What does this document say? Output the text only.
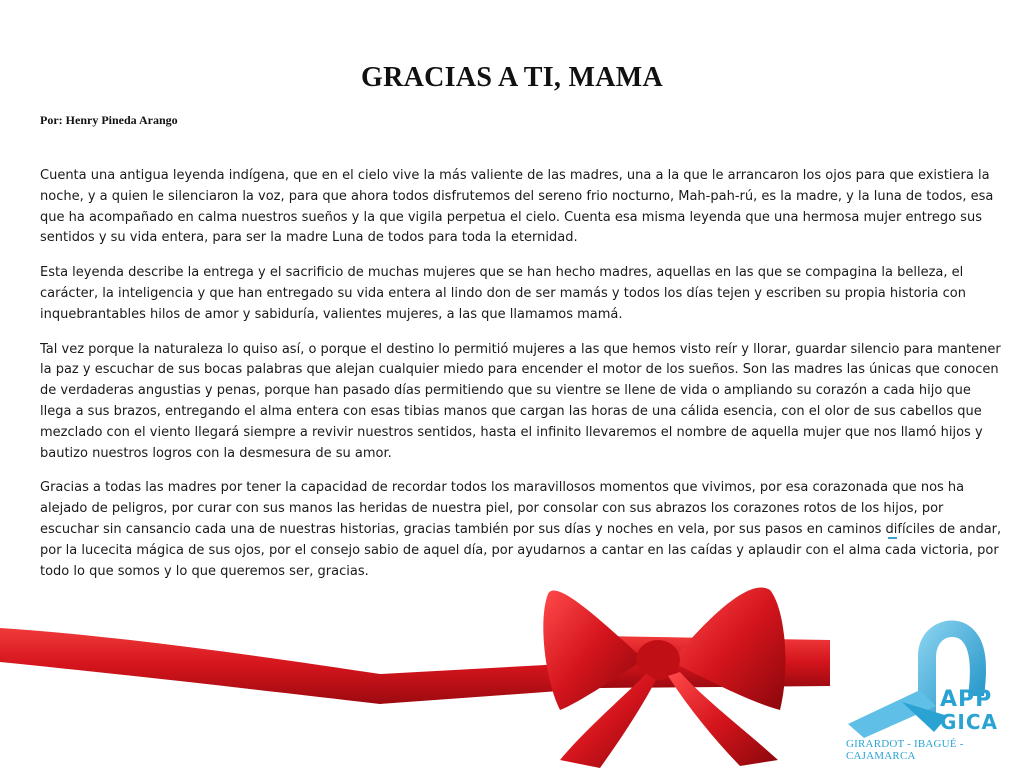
GRACIAS A TI, MAMA
Por: Henry Pineda Arango

Cuenta una antigua leyenda indígena, que en el cielo vive la más valiente de las madres, una a la que le arrancaron los ojos para que existiera la noche, y a quien le silenciaron la voz, para que ahora todos disfrutemos del sereno frio nocturno, Mah-pah-rú, es la madre, y la luna de todos, esa que ha acompañado en calma nuestros sueños y la que vigila perpetua el cielo. Cuenta esa misma leyenda que una hermosa mujer entrego sus sentidos y su vida entera, para ser la madre Luna de todos para toda la eternidad.

Esta leyenda describe la entrega y el sacrificio de muchas mujeres que se han hecho madres, aquellas en las que se compagina la belleza, el carácter, la inteligencia y que han entregado su vida entera al lindo don de ser mamás y todos los días tejen y escriben su propia historia con inquebrantables hilos de amor y sabiduría, valientes mujeres, a las que llamamos mamá.

Tal vez porque la naturaleza lo quiso así, o porque el destino lo permitió mujeres a las que hemos visto reír y llorar, guardar silencio para mantener la paz y escuchar de sus bocas palabras que alejan cualquier miedo para encender el motor de los sueños. Son las madres las únicas que conocen de verdaderas angustias y penas, porque han pasado días permitiendo que su vientre se llene de vida o ampliando su corazón a cada hijo que llega a sus brazos, entregando el alma entera con esas tibias manos que cargan las horas de una cálida esencia, con el olor de sus cabellos que mezclado con el viento llegará siempre a revivir nuestros sentidos, hasta el infinito llevaremos el nombre de aquella mujer que nos llamó hijos y bautizo nuestros logros con la desmesura de su amor.

Gracias a todas las madres por tener la capacidad de recordar todos los maravillosos momentos que vivimos, por esa corazonada que nos ha alejado de peligros, por curar con sus manos las heridas de nuestra piel, por consolar con sus abrazos los corazones rotos de los hijos, por escuchar sin cansancio cada una de nuestras historias, gracias también por sus días y noches en vela, por sus pasos en caminos difíciles de andar, por la lucecita mágica de sus ojos, por el consejo sabio de aquel día, por ayudarnos a cantar en las caídas y aplaudir con el alma cada victoria, por todo lo que somos y lo que queremos ser, gracias.

APP
GICA
GIRARDOT - IBAGUÉ - CAJAMARCA
